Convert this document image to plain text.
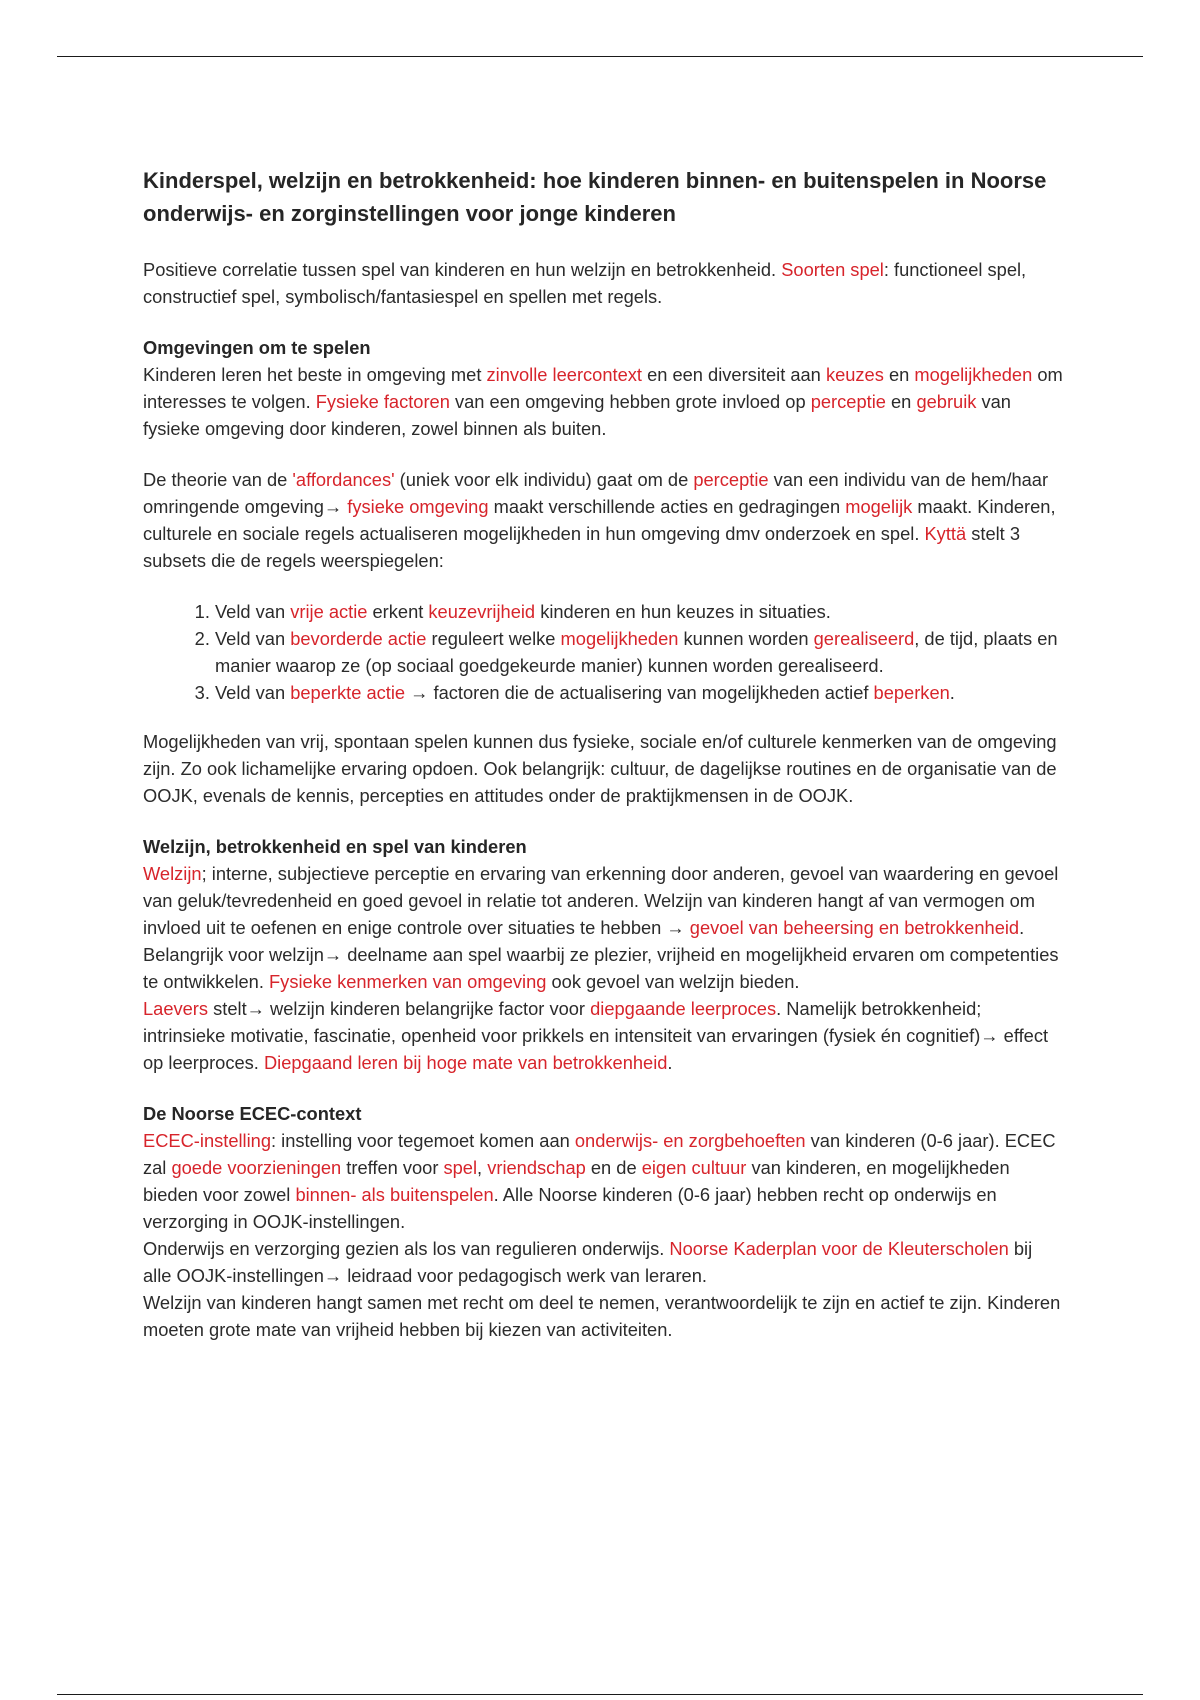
Kinderspel, welzijn en betrokkenheid: hoe kinderen binnen- en buitenspelen in Noorse onderwijs- en zorginstellingen voor jonge kinderen

Positieve correlatie tussen spel van kinderen en hun welzijn en betrokkenheid. Soorten spel: functioneel spel, constructief spel, symbolisch/fantasiespel en spellen met regels.

Omgevingen om te spelen

Kinderen leren het beste in omgeving met zinvolle leercontext en een diversiteit aan keuzes en mogelijkheden om interesses te volgen. Fysieke factoren van een omgeving hebben grote invloed op perceptie en gebruik van fysieke omgeving door kinderen, zowel binnen als buiten.

De theorie van de 'affordances' (uniek voor elk individu) gaat om de perceptie van een individu van de hem/haar omringende omgeving→ fysieke omgeving maakt verschillende acties en gedragingen mogelijk maakt. Kinderen, culturele en sociale regels actualiseren mogelijkheden in hun omgeving dmv onderzoek en spel. Kyttä stelt 3 subsets die de regels weerspiegelen:

1. Veld van vrije actie erkent keuzevrijheid kinderen en hun keuzes in situaties.
2. Veld van bevorderde actie reguleert welke mogelijkheden kunnen worden gerealiseerd, de tijd, plaats en manier waarop ze (op sociaal goedgekeurde manier) kunnen worden gerealiseerd.
3. Veld van beperkte actie → factoren die de actualisering van mogelijkheden actief beperken.

Mogelijkheden van vrij, spontaan spelen kunnen dus fysieke, sociale en/of culturele kenmerken van de omgeving zijn. Zo ook lichamelijke ervaring opdoen. Ook belangrijk: cultuur, de dagelijkse routines en de organisatie van de OOJK, evenals de kennis, percepties en attitudes onder de praktijkmensen in de OOJK.

Welzijn, betrokkenheid en spel van kinderen

Welzijn; interne, subjectieve perceptie en ervaring van erkenning door anderen, gevoel van waardering en gevoel van geluk/tevredenheid en goed gevoel in relatie tot anderen. Welzijn van kinderen hangt af van vermogen om invloed uit te oefenen en enige controle over situaties te hebben → gevoel van beheersing en betrokkenheid. Belangrijk voor welzijn→ deelname aan spel waarbij ze plezier, vrijheid en mogelijkheid ervaren om competenties te ontwikkelen. Fysieke kenmerken van omgeving ook gevoel van welzijn bieden.

Laevers stelt→ welzijn kinderen belangrijke factor voor diepgaande leerproces. Namelijk betrokkenheid; intrinsieke motivatie, fascinatie, openheid voor prikkels en intensiteit van ervaringen (fysiek én cognitief)→ effect op leerproces. Diepgaand leren bij hoge mate van betrokkenheid.

De Noorse ECEC-context

ECEC-instelling: instelling voor tegemoet komen aan onderwijs- en zorgbehoeften van kinderen (0-6 jaar). ECEC zal goede voorzieningen treffen voor spel, vriendschap en de eigen cultuur van kinderen, en mogelijkheden bieden voor zowel binnen- als buitenspelen. Alle Noorse kinderen (0-6 jaar) hebben recht op onderwijs en verzorging in OOJK-instellingen.

Onderwijs en verzorging gezien als los van regulieren onderwijs. Noorse Kaderplan voor de Kleuterscholen bij alle OOJK-instellingen→ leidraad voor pedagogisch werk van leraren.

Welzijn van kinderen hangt samen met recht om deel te nemen, verantwoordelijk te zijn en actief te zijn. Kinderen moeten grote mate van vrijheid hebben bij kiezen van activiteiten.
